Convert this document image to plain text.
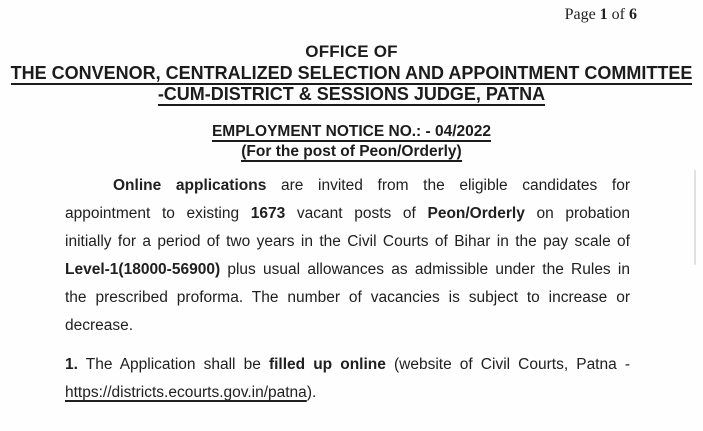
Page 1 of 6
OFFICE OF
THE CONVENOR, CENTRALIZED SELECTION AND APPOINTMENT COMMITTEE
-CUM-DISTRICT & SESSIONS JUDGE, PATNA
EMPLOYMENT NOTICE NO.: - 04/2022
(For the post of Peon/Orderly)
Online applications are invited from the eligible candidates for
appointment to existing 1673 vacant posts of Peon/Orderly on probation
initially for a period of two years in the Civil Courts of Bihar in the pay scale of
Level-1(18000-56900) plus usual allowances as admissible under the Rules in
the prescribed proforma. The number of vacancies is subject to increase or
decrease.
1. The Application shall be filled up online (website of Civil Courts, Patna -
https://districts.ecourts.gov.in/patna).
